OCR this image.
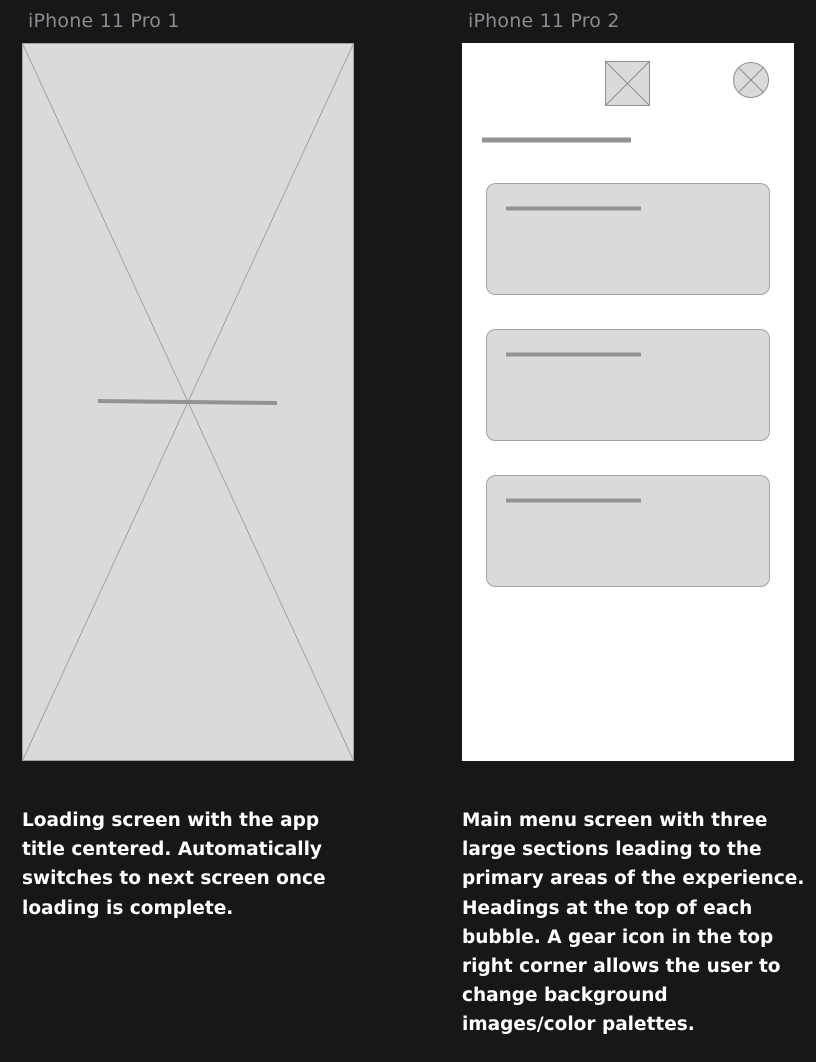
iPhone 11 Pro 1
Loading screen with the app title centered. Automatically switches to next screen once loading is complete.
iPhone 11 Pro 2
Main menu screen with three large sections leading to the primary areas of the experience. Headings at the top of each bubble. A gear icon in the top right corner allows the user to change background images/color palettes.
